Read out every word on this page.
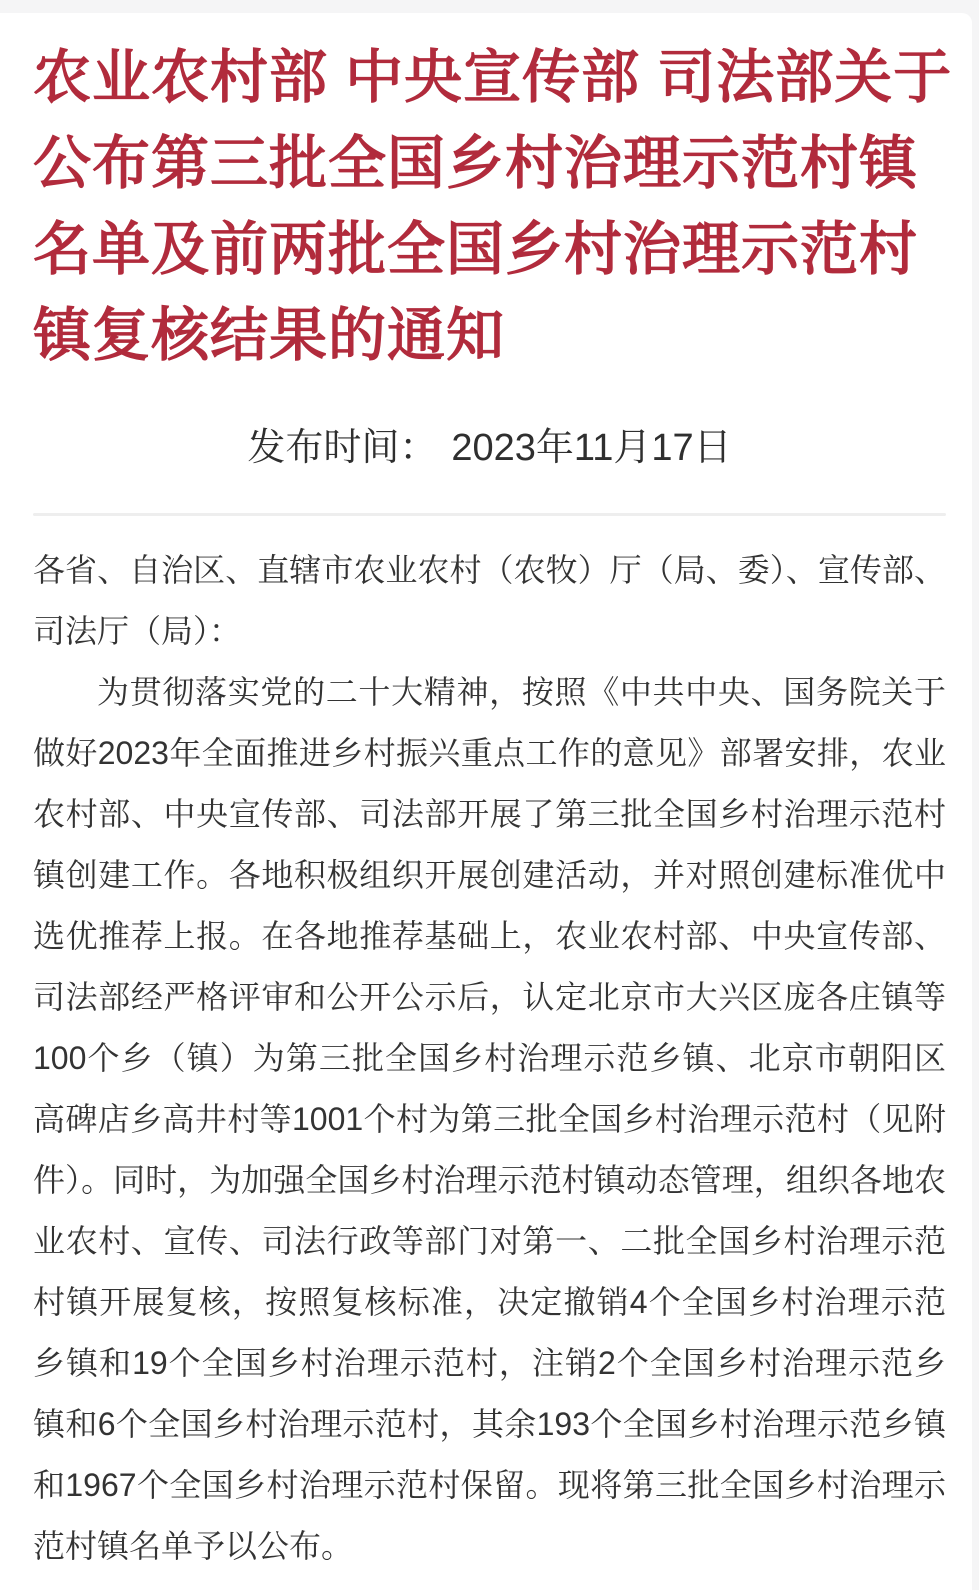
农业农村部 中央宣传部 司法部关于
公布第三批全国乡村治理示范村镇
名单及前两批全国乡村治理示范村
镇复核结果的通知
发布时间： 2023年11月17日

各省、自治区、直辖市农业农村（农牧）厅（局、委）、宣传部、司法厅（局）：

为贯彻落实党的二十大精神，按照《中共中央、国务院关于做好2023年全面推进乡村振兴重点工作的意见》部署安排，农业农村部、中央宣传部、司法部开展了第三批全国乡村治理示范村镇创建工作。各地积极组织开展创建活动，并对照创建标准优中选优推荐上报。在各地推荐基础上，农业农村部、中央宣传部、司法部经严格评审和公开公示后，认定北京市大兴区庞各庄镇等100个乡（镇）为第三批全国乡村治理示范乡镇、北京市朝阳区高碑店乡高井村等1001个村为第三批全国乡村治理示范村（见附件）。同时，为加强全国乡村治理示范村镇动态管理，组织各地农业农村、宣传、司法行政等部门对第一、二批全国乡村治理示范村镇开展复核，按照复核标准，决定撤销4个全国乡村治理示范乡镇和19个全国乡村治理示范村，注销2个全国乡村治理示范乡镇和6个全国乡村治理示范村，其余193个全国乡村治理示范乡镇和1967个全国乡村治理示范村保留。现将第三批全国乡村治理示范村镇名单予以公布。
